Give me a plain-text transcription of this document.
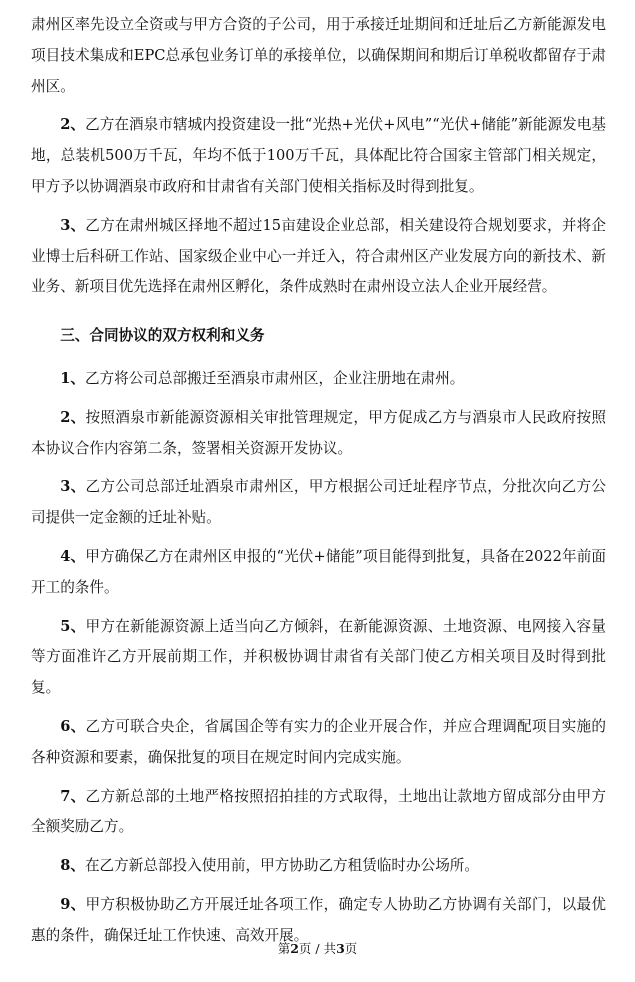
肃州区率先设立全资或与甲方合资的子公司，用于承接迁址期间和迁址后乙方新能源发电项目技术集成和EPC总承包业务订单的承接单位，以确保期间和期后订单税收都留存于肃州区。

2、乙方在酒泉市辖城内投资建设一批“光热+光伏+风电”“光伏+储能”新能源发电基地，总装机500万千瓦，年均不低于100万千瓦，具体配比符合国家主管部门相关规定，甲方予以协调酒泉市政府和甘肃省有关部门使相关指标及时得到批复。

3、乙方在肃州城区择地不超过15亩建设企业总部，相关建设符合规划要求，并将企业博士后科研工作站、国家级企业中心一并迁入，符合肃州区产业发展方向的新技术、新业务、新项目优先选择在肃州区孵化，条件成熟时在肃州设立法人企业开展经营。

三、合同协议的双方权利和义务

1、乙方将公司总部搬迁至酒泉市肃州区，企业注册地在肃州。

2、按照酒泉市新能源资源相关审批管理规定，甲方促成乙方与酒泉市人民政府按照本协议合作内容第二条，签署相关资源开发协议。

3、乙方公司总部迁址酒泉市肃州区，甲方根据公司迁址程序节点，分批次向乙方公司提供一定金额的迁址补贴。

4、甲方确保乙方在肃州区申报的“光伏+储能”项目能得到批复，具备在2022年前面开工的条件。

5、甲方在新能源资源上适当向乙方倾斜，在新能源资源、土地资源、电网接入容量等方面准许乙方开展前期工作，并积极协调甘肃省有关部门使乙方相关项目及时得到批复。

6、乙方可联合央企，省属国企等有实力的企业开展合作，并应合理调配项目实施的各种资源和要素，确保批复的项目在规定时间内完成实施。

7、乙方新总部的土地严格按照招拍挂的方式取得，土地出让款地方留成部分由甲方全额奖励乙方。

8、在乙方新总部投入使用前，甲方协助乙方租赁临时办公场所。

9、甲方积极协助乙方开展迁址各项工作，确定专人协助乙方协调有关部门，以最优惠的条件，确保迁址工作快速、高效开展。

第2页 / 共3页
